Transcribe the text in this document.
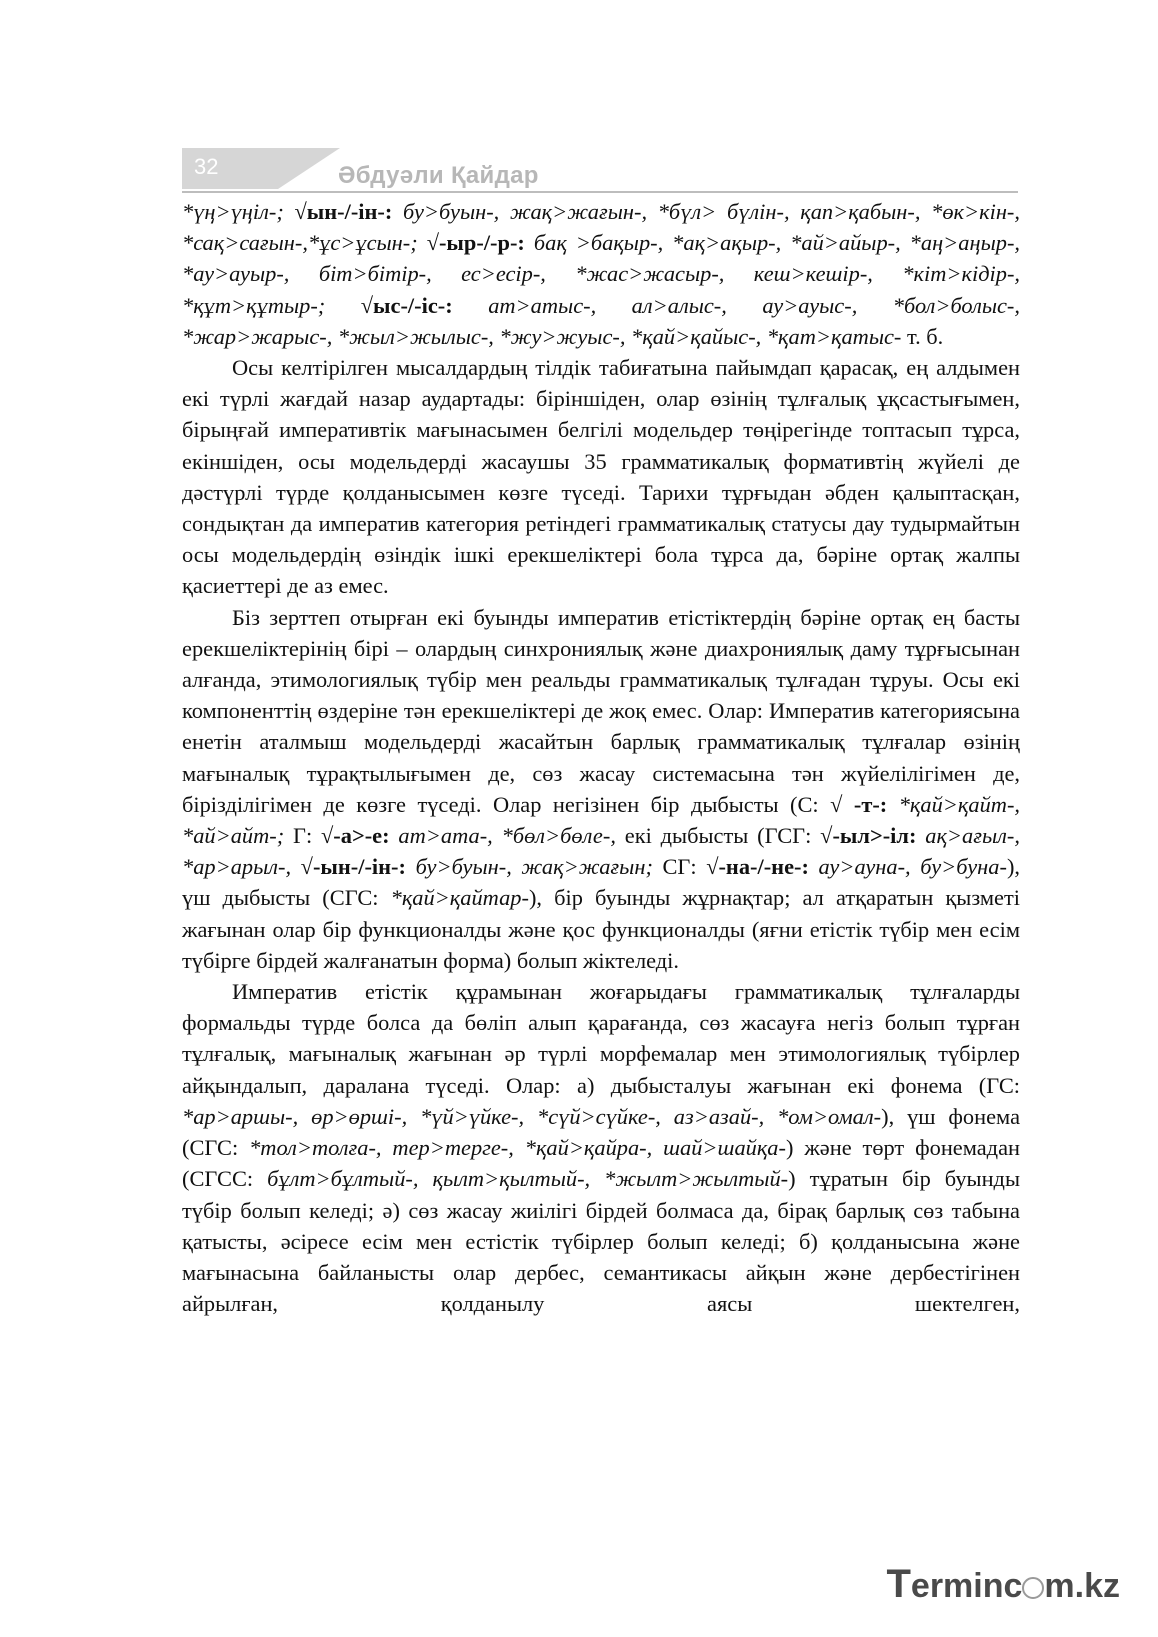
32	Әбдуәли Қайдар

*үң>үңіл-; √ын-/-ін-: бу>буын-, жақ>жағын-, *бүл> бүлін-, қап>қабын-, *өк>кін-, *сақ>сағын-,*ұс>ұсын-; √-ыр-/-р-: бақ >бақыр-, *ақ>ақыр-, *ай>айыр-, *аң>аңыр-, *ау>ауыр-, біт>бітір-, ес>есір-, *жас>жасыр-, кеш>кешір-, *кіт>кідір-, *құт>құтыр-; √ыс-/-іс-: ат>атыс-, ал>алыс-, ау>ауыс-, *бол>болыс-, *жар>жарыс-, *жыл>жылыс-, *жу>жуыс-, *қай>қайыс-, *қат>қатыс- т. б.

Осы келтірілген мысалдардың тілдік табиғатына пайымдап қарасақ, ең алдымен екі түрлі жағдай назар аудартады: біріншіден, олар өзінің тұлғалық ұқсастығымен, бірыңғай императивтік мағынасымен белгілі модельдер төңірегінде топтасып тұрса, екіншіден, осы модельдерді жасаушы 35 грамматикалық формативтің жүйелі де дәстүрлі түрде қолданысымен көзге түседі. Тарихи тұрғыдан әбден қалыптасқан, сондықтан да императив категория ретіндегі грамматикалық статусы дау тудырмайтын осы модельдердің өзіндік ішкі ерекшеліктері бола тұрса да, бәріне ортақ жалпы қасиеттері де аз емес.

Біз зерттеп отырған екі буынды императив етістіктердің бәріне ортақ ең басты ерекшеліктерінің бірі – олардың синхрониялық және диахрониялық даму тұрғысынан алғанда, этимологиялық түбір мен реальды грамматикалық тұлғадан тұруы. Осы екі компоненттің өздеріне тән ерекшеліктері де жоқ емес. Олар: Императив категориясына енетін аталмыш модельдерді жасайтын барлық грамматикалық тұлғалар өзінің мағыналық тұрақтылығымен де, сөз жасау системасына тән жүйелілігімен де, біріздiлігімен де көзге түседі. Олар негізінен бір дыбысты (С: √ -т-: *қай>қайт-, *ай>айт-; Г: √-а>-е: ат>ата-, *бөл>бөле-, екі дыбысты (ГСГ: √-ыл>-іл: ақ>ағыл-, *ар>арыл-, √-ын-/-ін-: бу>буын-, жақ>жағын; СГ: √-на-/-не-: ау>ауна-, бу>буна-), үш дыбысты (СГС: *қай>қайтар-), бір буынды жұрнақтар; ал атқаратын қызметі жағынан олар бір функционалды және қос функционалды (яғни етістік түбір мен есім түбірге бірдей жалғанатын форма) болып жіктеледі.

Императив етістік құрамынан жоғарыдағы грамматикалық тұлғаларды формальды түрде болса да бөліп алып қарағанда, сөз жасауға негіз болып тұрған тұлғалық, мағыналық жағынан әр түрлі морфемалар мен этимологиялық түбірлер айқындалып, даралана түседі. Олар: а) дыбысталуы жағынан екі фонема (ГС: *ар>аршы-, өр>өрші-, *үй>үйке-, *сүй>сүйке-, аз>азай-, *ом>омал-), үш фонема (СГС: *тол>толға-, тер>терге-, *қай>қайра-, шай>шайқа-) және төрт фонемадан (СГСС: бұлт>бұлтый-, қылт>қылтый-, *жылт>жылтый-) тұратын бір буынды түбір болып келеді; ә) сөз жасау жиілігі бірдей болмаса да, бірақ барлық сөз табына қатысты, әсіресе есім мен естістік түбірлер болып келеді; б) қолданысына және мағынасына байланысты олар дербес, семантикасы айқын және дербестігінен айрылған, қолданылу аясы шектелген,

Terminc m.kz
